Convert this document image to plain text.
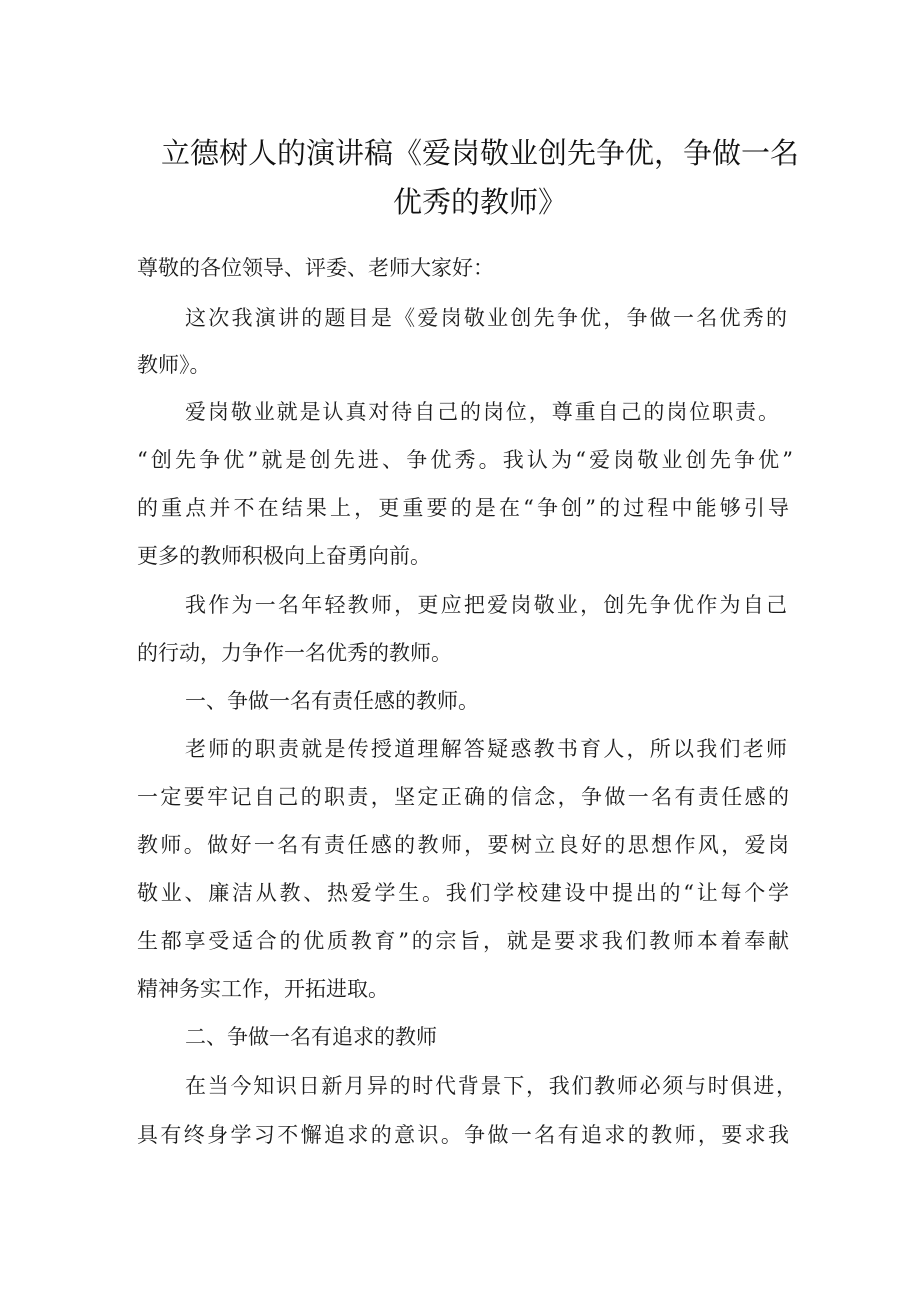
立德树人的演讲稿《爱岗敬业创先争优，争做一名
优秀的教师》
尊敬的各位领导、评委、老师大家好：
这次我演讲的题目是《爱岗敬业创先争优，争做一名优秀的
教师》。
爱岗敬业就是认真对待自己的岗位，尊重自己的岗位职责。
“创先争优”就是创先进、争优秀。我认为“爱岗敬业创先争优”
的重点并不在结果上，更重要的是在“争创”的过程中能够引导
更多的教师积极向上奋勇向前。
我作为一名年轻教师，更应把爱岗敬业，创先争优作为自己
的行动，力争作一名优秀的教师。
一、争做一名有责任感的教师。
老师的职责就是传授道理解答疑惑教书育人，所以我们老师
一定要牢记自己的职责，坚定正确的信念，争做一名有责任感的
教师。做好一名有责任感的教师，要树立良好的思想作风，爱岗
敬业、廉洁从教、热爱学生。我们学校建设中提出的“让每个学
生都享受适合的优质教育”的宗旨，就是要求我们教师本着奉献
精神务实工作，开拓进取。
二、争做一名有追求的教师
在当今知识日新月异的时代背景下，我们教师必须与时俱进，
具有终身学习不懈追求的意识。争做一名有追求的教师，要求我
